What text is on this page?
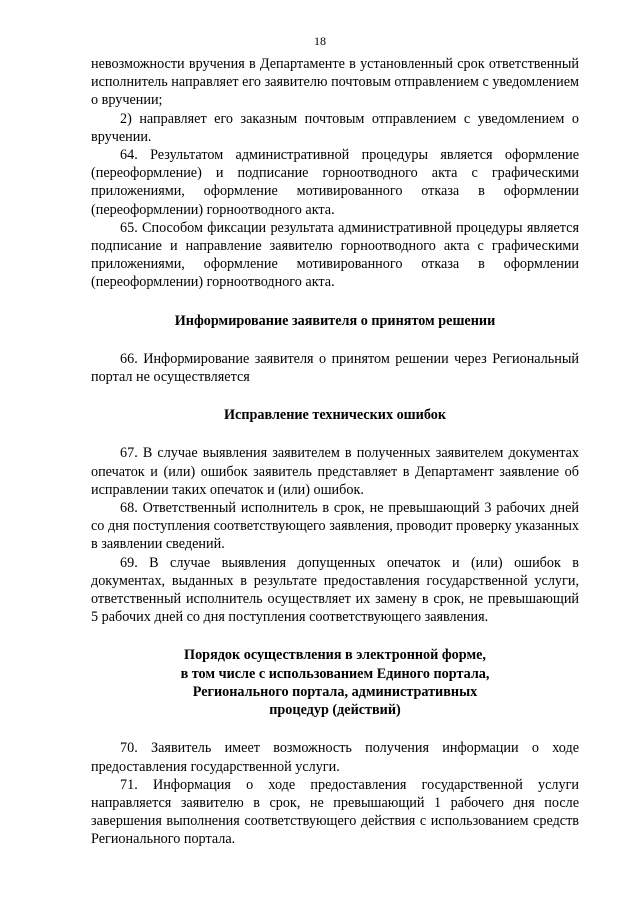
18

невозможности вручения в Департаменте в установленный срок ответственный исполнитель направляет его заявителю почтовым отправлением с уведомлением о вручении;

2) направляет его заказным почтовым отправлением с уведомлением о вручении.

64. Результатом административной процедуры является оформление (переоформление) и подписание горноотводного акта с графическими приложениями, оформление мотивированного отказа в оформлении (переоформлении) горноотводного акта.

65. Способом фиксации результата административной процедуры является подписание и направление заявителю горноотводного акта с графическими приложениями, оформление мотивированного отказа в оформлении (переоформлении) горноотводного акта.

Информирование заявителя о принятом решении

66. Информирование заявителя о принятом решении через Региональный портал не осуществляется

Исправление технических ошибок

67. В случае выявления заявителем в полученных заявителем документах опечаток и (или) ошибок заявитель представляет в Департамент заявление об исправлении таких опечаток и (или) ошибок.

68. Ответственный исполнитель в срок, не превышающий 3 рабочих дней со дня поступления соответствующего заявления, проводит проверку указанных в заявлении сведений.

69. В случае выявления допущенных опечаток и (или) ошибок в документах, выданных в результате предоставления государственной услуги, ответственный исполнитель осуществляет их замену в срок, не превышающий 5 рабочих дней со дня поступления соответствующего заявления.

Порядок осуществления в электронной форме,
в том числе с использованием Единого портала,
Регионального портала, административных
процедур (действий)

70. Заявитель имеет возможность получения информации о ходе предоставления государственной услуги.

71. Информация о ходе предоставления государственной услуги направляется заявителю в срок, не превышающий 1 рабочего дня после завершения выполнения соответствующего действия с использованием средств Регионального портала.
